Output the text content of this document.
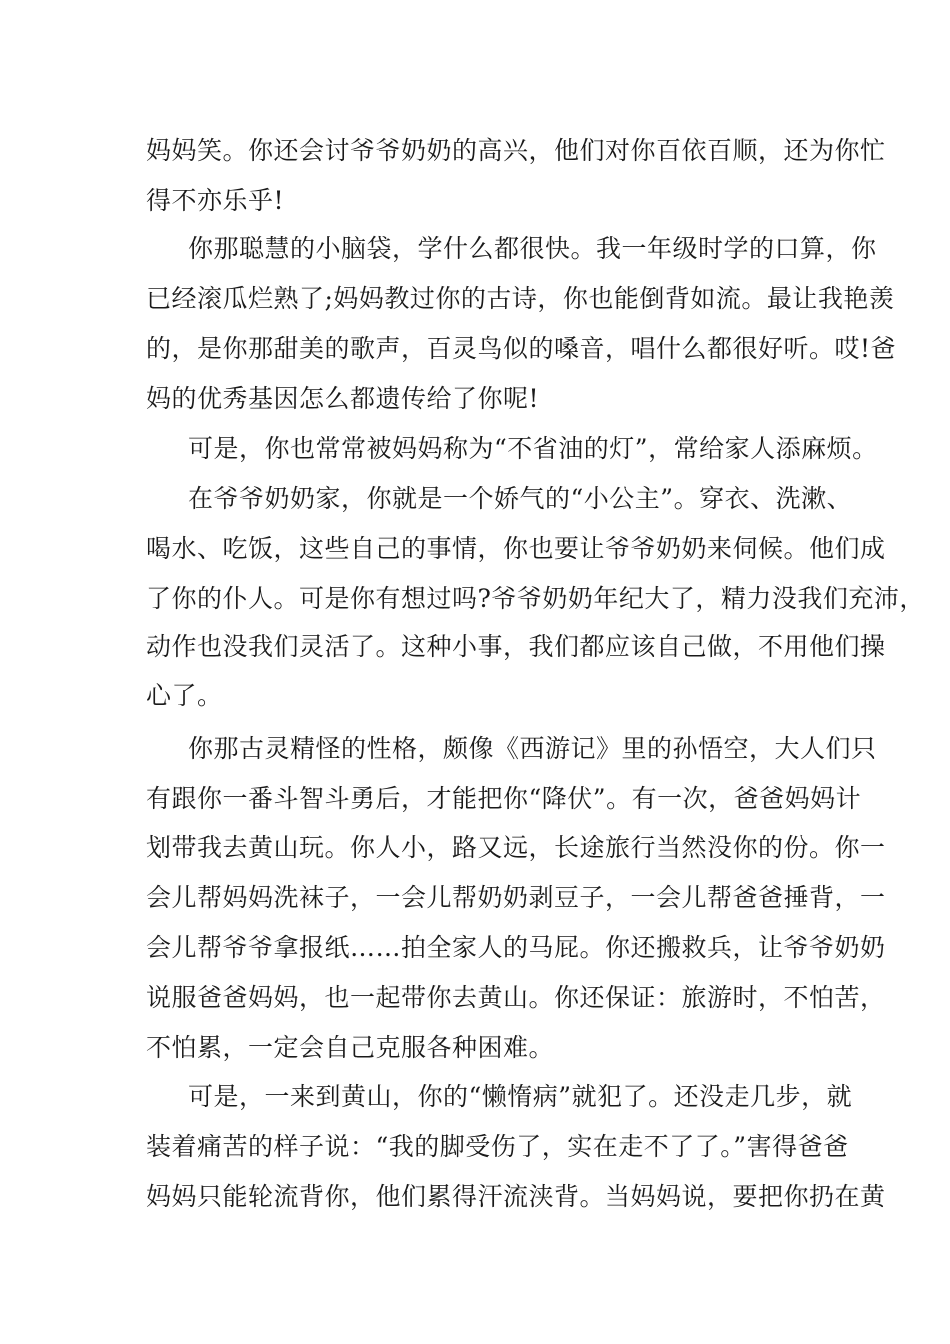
妈妈笑。你还会讨爷爷奶奶的高兴，他们对你百依百顺，还为你忙
得不亦乐乎!
你那聪慧的小脑袋，学什么都很快。我一年级时学的口算，你
已经滚瓜烂熟了;妈妈教过你的古诗，你也能倒背如流。最让我艳羡
的，是你那甜美的歌声，百灵鸟似的嗓音，唱什么都很好听。哎!爸
妈的优秀基因怎么都遗传给了你呢!
可是，你也常常被妈妈称为“不省油的灯”，常给家人添麻烦。
在爷爷奶奶家，你就是一个娇气的“小公主”。穿衣、洗漱、
喝水、吃饭，这些自己的事情，你也要让爷爷奶奶来伺候。他们成
了你的仆人。可是你有想过吗?爷爷奶奶年纪大了，精力没我们充沛，
动作也没我们灵活了。这种小事，我们都应该自己做，不用他们操
心了。
你那古灵精怪的性格，颇像《西游记》里的孙悟空，大人们只
有跟你一番斗智斗勇后，才能把你“降伏”。有一次，爸爸妈妈计
划带我去黄山玩。你人小，路又远，长途旅行当然没你的份。你一
会儿帮妈妈洗袜子，一会儿帮奶奶剥豆子，一会儿帮爸爸捶背，一
会儿帮爷爷拿报纸……拍全家人的马屁。你还搬救兵，让爷爷奶奶
说服爸爸妈妈，也一起带你去黄山。你还保证：旅游时，不怕苦，
不怕累，一定会自己克服各种困难。
可是，一来到黄山，你的“懒惰病”就犯了。还没走几步，就
装着痛苦的样子说：“我的脚受伤了，实在走不了了。”害得爸爸
妈妈只能轮流背你，他们累得汗流浃背。当妈妈说，要把你扔在黄
